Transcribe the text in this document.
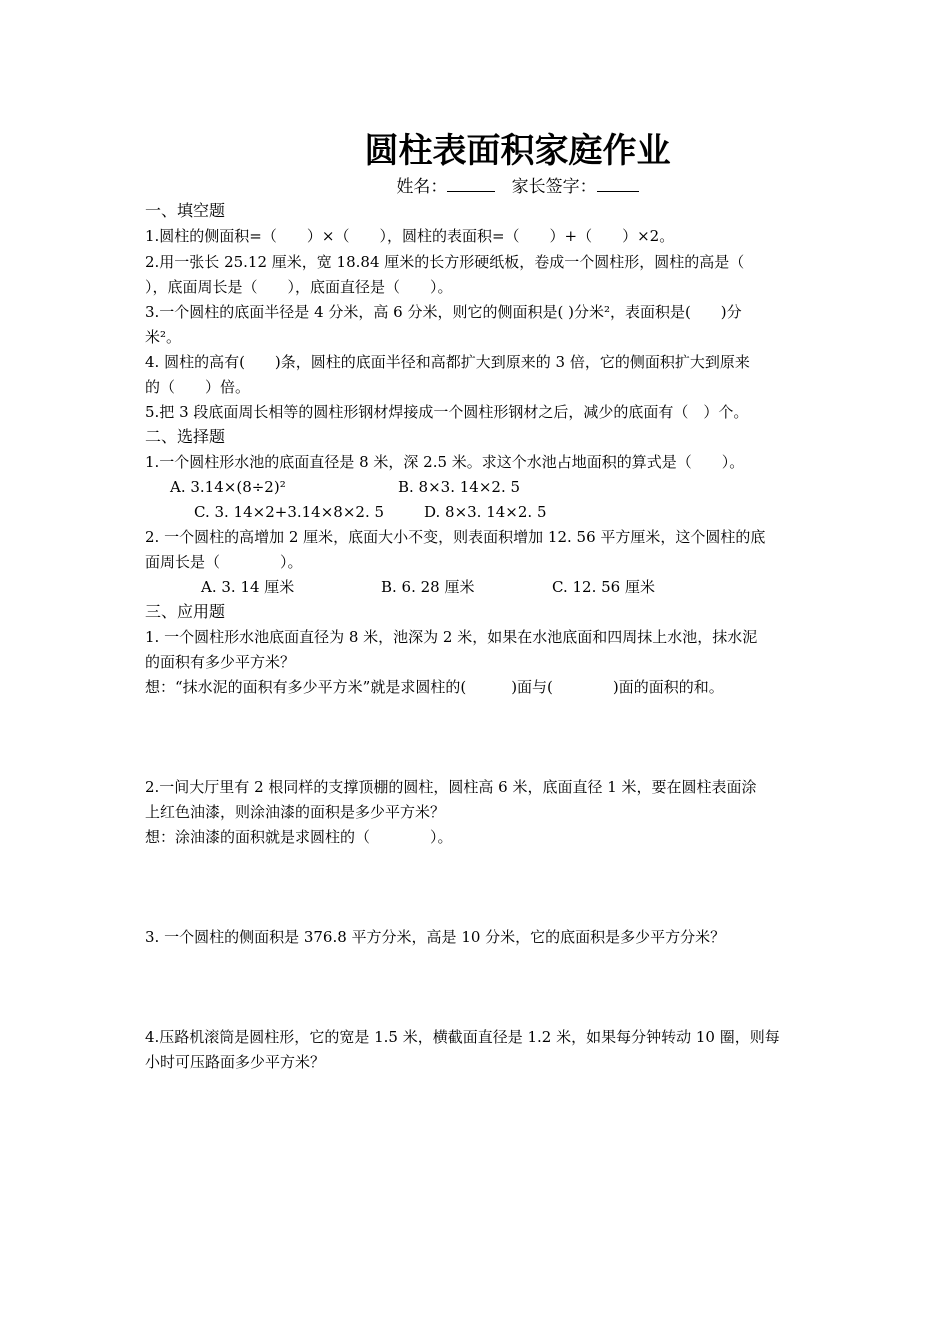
圆柱表面积家庭作业
姓名：	家长签字：
一、填空题
1.圆柱的侧面积=（　　）×（　　），圆柱的表面积=（　　）+（　　）×2。
2.用一张长 25.12 厘米，宽 18.84 厘米的长方形硬纸板，卷成一个圆柱形，圆柱的高是（
），底面周长是（　　），底面直径是（　　）。
3.一个圆柱的底面半径是 4 分米，高 6 分米，则它的侧面积是( )分米²，表面积是(　　)分
米²。
4. 圆柱的高有(　　)条，圆柱的底面半径和高都扩大到原来的 3 倍，它的侧面积扩大到原来
的（　　）倍。
5.把 3 段底面周长相等的圆柱形钢材焊接成一个圆柱形钢材之后，减少的底面有（　）个。
二、选择题
1.一个圆柱形水池的底面直径是 8 米，深 2.5 米。求这个水池占地面积的算式是（　　）。
A. 3.14×(8÷2)²	B. 8×3. 14×2. 5
C. 3. 14×2+3.14×8×2. 5	D. 8×3. 14×2. 5
2. 一个圆柱的高增加 2 厘米，底面大小不变，则表面积增加 12. 56 平方厘米，这个圆柱的底
面周长是（　　　　）。
A. 3. 14 厘米	B. 6. 28 厘米	C. 12. 56 厘米
三、应用题
1. 一个圆柱形水池底面直径为 8 米，池深为 2 米，如果在水池底面和四周抹上水池，抹水泥
的面积有多少平方米？
想：“抹水泥的面积有多少平方米”就是求圆柱的(　　　)面与(　　　　)面的面积的和。
2.一间大厅里有 2 根同样的支撑顶棚的圆柱，圆柱高 6 米，底面直径 1 米，要在圆柱表面涂
上红色油漆，则涂油漆的面积是多少平方米？
想：涂油漆的面积就是求圆柱的（　　　　）。
3. 一个圆柱的侧面积是 376.8 平方分米，高是 10 分米，它的底面积是多少平方分米？
4.压路机滚筒是圆柱形，它的宽是 1.5 米，横截面直径是 1.2 米，如果每分钟转动 10 圈，则每
小时可压路面多少平方米？
